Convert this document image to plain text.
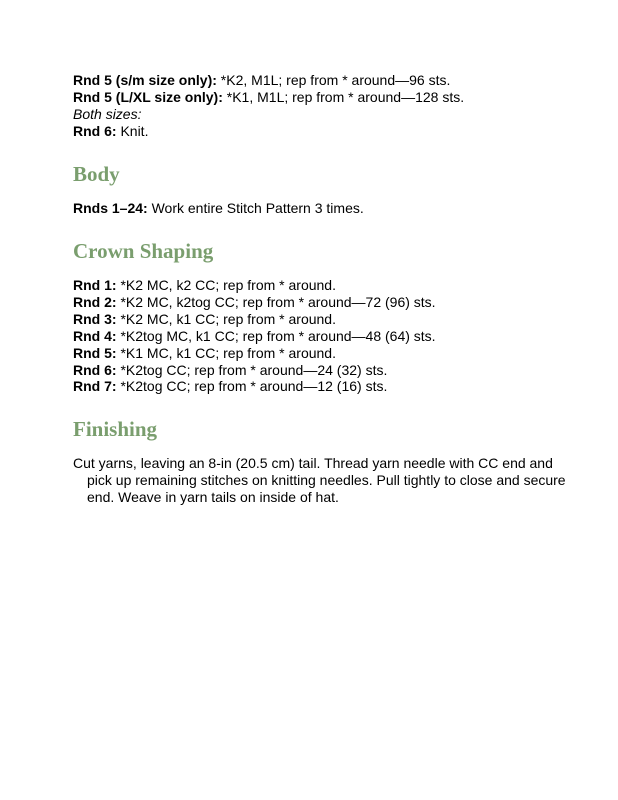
Rnd 5 (s/m size only): *K2, M1L; rep from * around—96 sts.
Rnd 5 (L/XL size only): *K1, M1L; rep from * around—128 sts.
Both sizes:
Rnd 6: Knit.
Body
Rnds 1–24: Work entire Stitch Pattern 3 times.
Crown Shaping
Rnd 1: *K2 MC, k2 CC; rep from * around.
Rnd 2: *K2 MC, k2tog CC; rep from * around—72 (96) sts.
Rnd 3: *K2 MC, k1 CC; rep from * around.
Rnd 4: *K2tog MC, k1 CC; rep from * around—48 (64) sts.
Rnd 5: *K1 MC, k1 CC; rep from * around.
Rnd 6: *K2tog CC; rep from * around—24 (32) sts.
Rnd 7: *K2tog CC; rep from * around—12 (16) sts.
Finishing
Cut yarns, leaving an 8-in (20.5 cm) tail. Thread yarn needle with CC end and pick up remaining stitches on knitting needles. Pull tightly to close and secure end. Weave in yarn tails on inside of hat.
